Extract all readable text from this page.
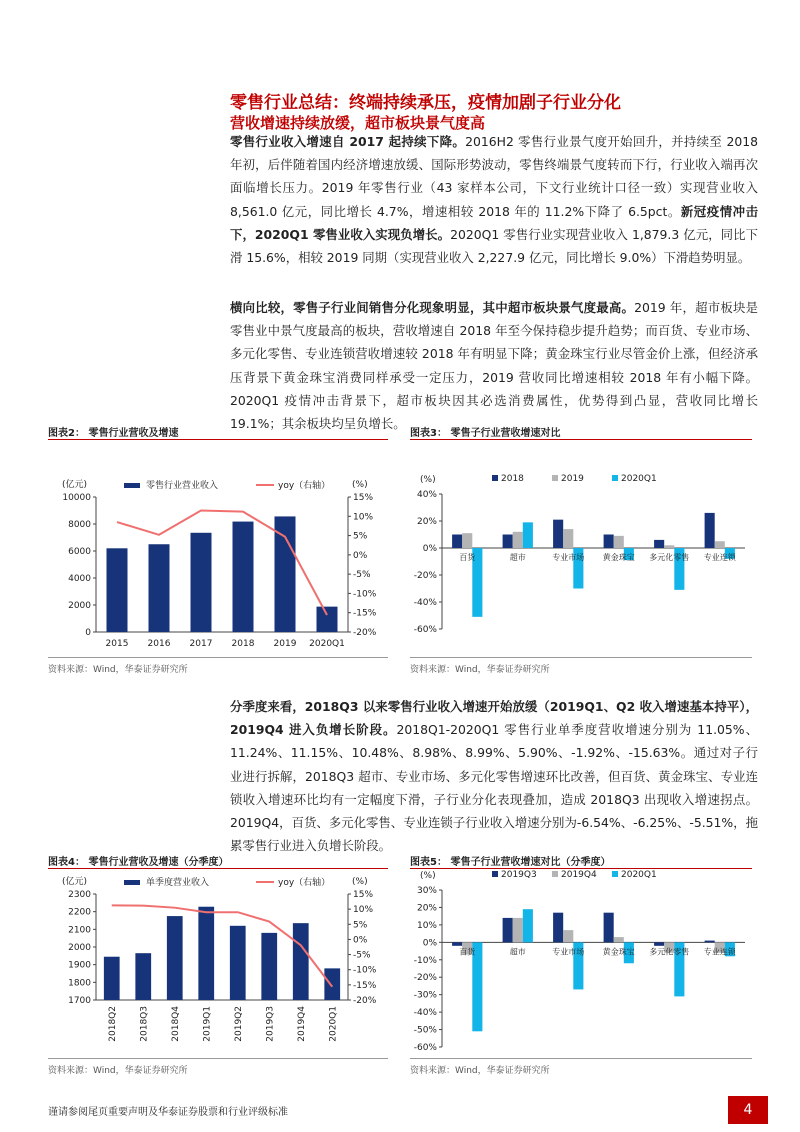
零售行业总结：终端持续承压，疫情加剧子行业分化
营收增速持续放缓，超市板块景气度高
零售行业收入增速自 2017 起持续下降。2016H2 零售行业景气度开始回升，并持续至 2018 年初，后伴随着国内经济增速放缓、国际形势波动，零售终端景气度转而下行，行业收入端再次面临增长压力。2019 年零售行业（43 家样本公司，下文行业统计口径一致）实现营业收入 8,561.0 亿元，同比增长 4.7%，增速相较 2018 年的 11.2%下降了 6.5pct。新冠疫情冲击下，2020Q1 零售业收入实现负增长。2020Q1 零售行业实现营业收入 1,879.3 亿元，同比下滑 15.6%，相较 2019 同期（实现营业收入 2,227.9 亿元，同比增长 9.0%）下滑趋势明显。
横向比较，零售子行业间销售分化现象明显，其中超市板块景气度最高。2019 年，超市板块是零售业中景气度最高的板块，营收增速自 2018 年至今保持稳步提升趋势；而百货、专业市场、多元化零售、专业连锁营收增速较 2018 年有明显下降；黄金珠宝行业尽管金价上涨，但经济承压背景下黄金珠宝消费同样承受一定压力，2019 营收同比增速相较 2018 年有小幅下降。2020Q1 疫情冲击背景下，超市板块因其必选消费属性，优势得到凸显，营收同比增长 19.1%；其余板块均呈负增长。
图表2： 零售行业营收及增速
(亿元)	(%)
零售行业营业收入	yoy（右轴）
0
2000
4000
6000
8000
10000	15%
10%
5%
0%
-5%
-10%
-15%
-20%
2015 2016 2017 2018 2019 2020Q1
资料来源：Wind，华泰证券研究所
图表3： 零售子行业营收增速对比
(%)	2018	2019	2020Q1
40%
20%
0%
-20%
-40%
-60%
百货	超市	专业市场 黄金珠宝 多元化零售 专业连锁
资料来源：Wind，华泰证券研究所
分季度来看，2018Q3 以来零售行业收入增速开始放缓（2019Q1、Q2 收入增速基本持平），2019Q4 进入负增长阶段。2018Q1-2020Q1 零售行业单季度营收增速分别为 11.05%、11.24%、11.15%、10.48%、8.98%、8.99%、5.90%、-1.92%、-15.63%。通过对子行业进行拆解，2018Q3 超市、专业市场、多元化零售增速环比改善，但百货、黄金珠宝、专业连锁收入增速环比均有一定幅度下滑，子行业分化表现叠加，造成 2018Q3 出现收入增速拐点。2019Q4，百货、多元化零售、专业连锁子行业收入增速分别为-6.54%、-6.25%、-5.51%，拖累零售行业进入负增长阶段。
图表4： 零售行业营收及增速（分季度）
(亿元)	(%)
单季度营业收入	yoy（右轴）
1700
1800
1900
2000
2100
2200
2300	15%
10%
5%
0%
-5%
-10%
-15%
-20%
2018Q2 2018Q3 2018Q4 2019Q1 2019Q2 2019Q3 2019Q4 2020Q1
资料来源：Wind，华泰证券研究所
图表5： 零售子行业营收增速对比（分季度）
(%)	2019Q3	2019Q4	2020Q1
30%
20%
10%
0%
-10%
-20%
-30%
-40%
-50%
-60%
百货	超市	专业市场 黄金珠宝 多元化零售 专业连锁
资料来源：Wind，华泰证券研究所
谨请参阅尾页重要声明及华泰证券股票和行业评级标准	4
